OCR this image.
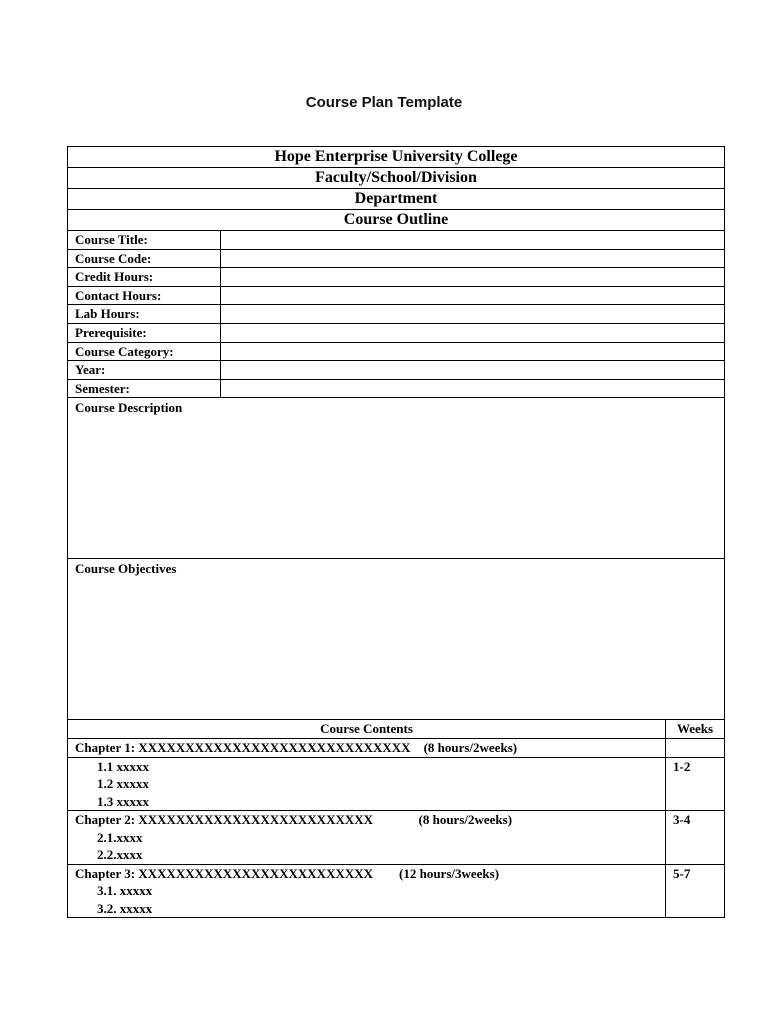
Course Plan Template
Hope Enterprise University College		
Faculty/School/Division		
Department		
Course Outline		
Course Title:		
Course Code:		
Credit Hours:		
Contact Hours:		
Lab Hours:		
Prerequisite:		
Course Category:		
Year:		
Semester:		
Course Description		
Course Objectives		
Course Contents		Weeks

Chapter 1: XXXXXXXXXXXXXXXXXXXXXXXXXXXXX    (8 hours/2weeks)		

1.1 xxxxx
1.2 xxxxx
1.3 xxxxx		1-2

Chapter 2: XXXXXXXXXXXXXXXXXXXXXXXXX              (8 hours/2weeks)
2.1.xxxx
2.2.xxxx		3-4

Chapter 3: XXXXXXXXXXXXXXXXXXXXXXXXX        (12 hours/3weeks)
3.1. xxxxx
3.2. xxxxx		5-7
